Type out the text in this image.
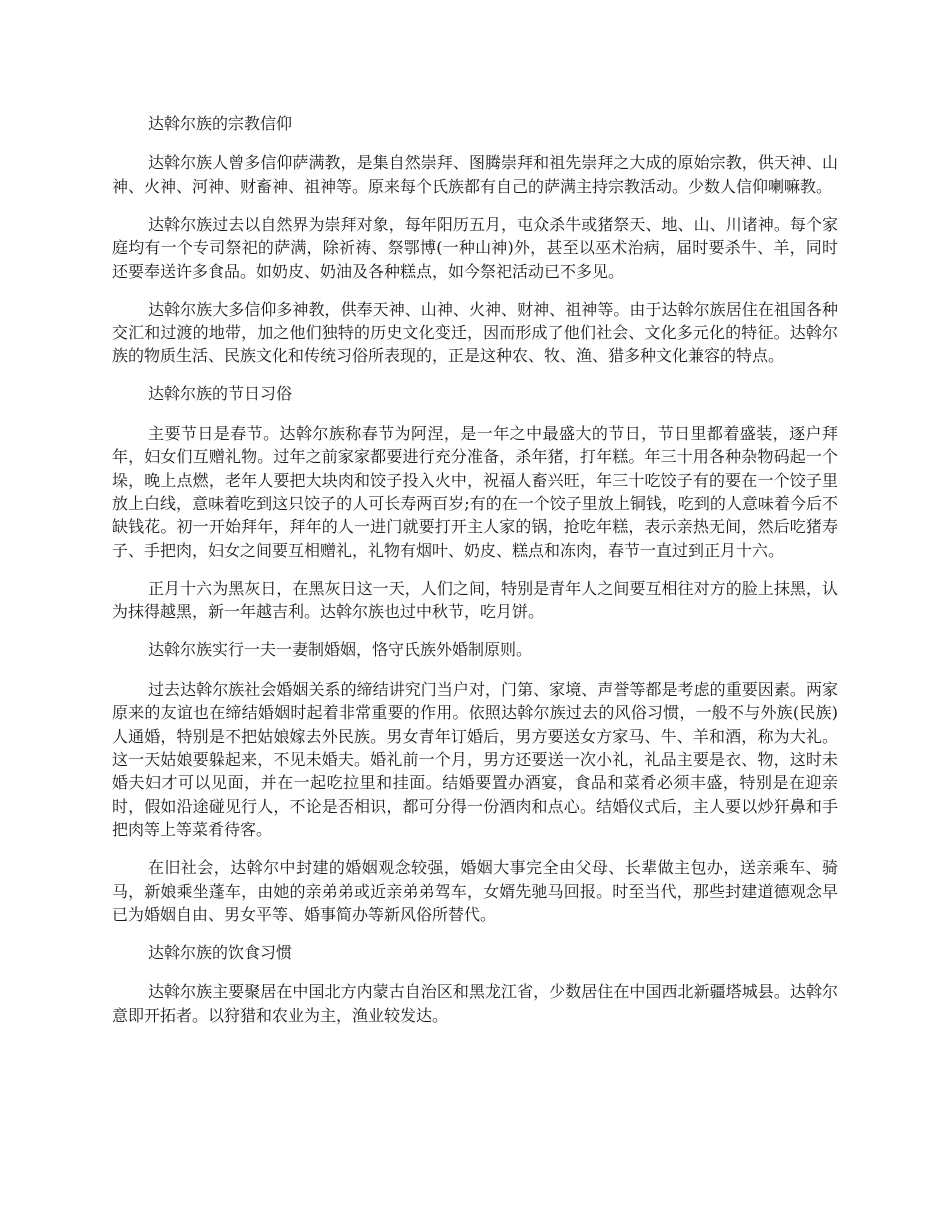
达斡尔族的宗教信仰

达斡尔族人曾多信仰萨满教，是集自然崇拜、图腾崇拜和祖先崇拜之大成的原始宗教，供天神、山神、火神、河神、财畜神、祖神等。原来每个氏族都有自己的萨满主持宗教活动。少数人信仰喇嘛教。

达斡尔族过去以自然界为崇拜对象，每年阳历五月，屯众杀牛或猪祭天、地、山、川诸神。每个家庭均有一个专司祭祀的萨满，除祈祷、祭鄂博(一种山神)外，甚至以巫术治病，届时要杀牛、羊，同时还要奉送许多食品。如奶皮、奶油及各种糕点，如今祭祀活动已不多见。

达斡尔族大多信仰多神教，供奉天神、山神、火神、财神、祖神等。由于达斡尔族居住在祖国各种交汇和过渡的地带，加之他们独特的历史文化变迁，因而形成了他们社会、文化多元化的特征。达斡尔族的物质生活、民族文化和传统习俗所表现的，正是这种农、牧、渔、猎多种文化兼容的特点。

达斡尔族的节日习俗

主要节日是春节。达斡尔族称春节为阿涅，是一年之中最盛大的节日，节日里都着盛装，逐户拜年，妇女们互赠礼物。过年之前家家都要进行充分准备，杀年猪，打年糕。年三十用各种杂物码起一个垛，晚上点燃，老年人要把大块肉和饺子投入火中，祝福人畜兴旺，年三十吃饺子有的要在一个饺子里放上白线，意味着吃到这只饺子的人可长寿两百岁;有的在一个饺子里放上铜钱，吃到的人意味着今后不缺钱花。初一开始拜年，拜年的人一进门就要打开主人家的锅，抢吃年糕，表示亲热无间，然后吃猪寿子、手把肉，妇女之间要互相赠礼，礼物有烟叶、奶皮、糕点和冻肉，春节一直过到正月十六。

正月十六为黑灰日，在黑灰日这一天，人们之间，特别是青年人之间要互相往对方的脸上抹黑，认为抹得越黑，新一年越吉利。达斡尔族也过中秋节，吃月饼。

达斡尔族实行一夫一妻制婚姻，恪守氏族外婚制原则。

过去达斡尔族社会婚姻关系的缔结讲究门当户对，门第、家境、声誉等都是考虑的重要因素。两家原来的友谊也在缔结婚姻时起着非常重要的作用。依照达斡尔族过去的风俗习惯，一般不与外族(民族)人通婚，特别是不把姑娘嫁去外民族。男女青年订婚后，男方要送女方家马、牛、羊和酒，称为大礼。这一天姑娘要躲起来，不见未婚夫。婚礼前一个月，男方还要送一次小礼，礼品主要是衣、物，这时未婚夫妇才可以见面，并在一起吃拉里和挂面。结婚要置办酒宴，食品和菜肴必须丰盛，特别是在迎亲时，假如沿途碰见行人，不论是否相识，都可分得一份酒肉和点心。结婚仪式后，主人要以炒犴鼻和手把肉等上等菜肴待客。

在旧社会，达斡尔中封建的婚姻观念较强，婚姻大事完全由父母、长辈做主包办，送亲乘车、骑马，新娘乘坐蓬车，由她的亲弟弟或近亲弟弟驾车，女婿先驰马回报。时至当代，那些封建道德观念早已为婚姻自由、男女平等、婚事简办等新风俗所替代。

达斡尔族的饮食习惯

达斡尔族主要聚居在中国北方内蒙古自治区和黑龙江省，少数居住在中国西北新疆塔城县。达斡尔意即开拓者。以狩猎和农业为主，渔业较发达。
